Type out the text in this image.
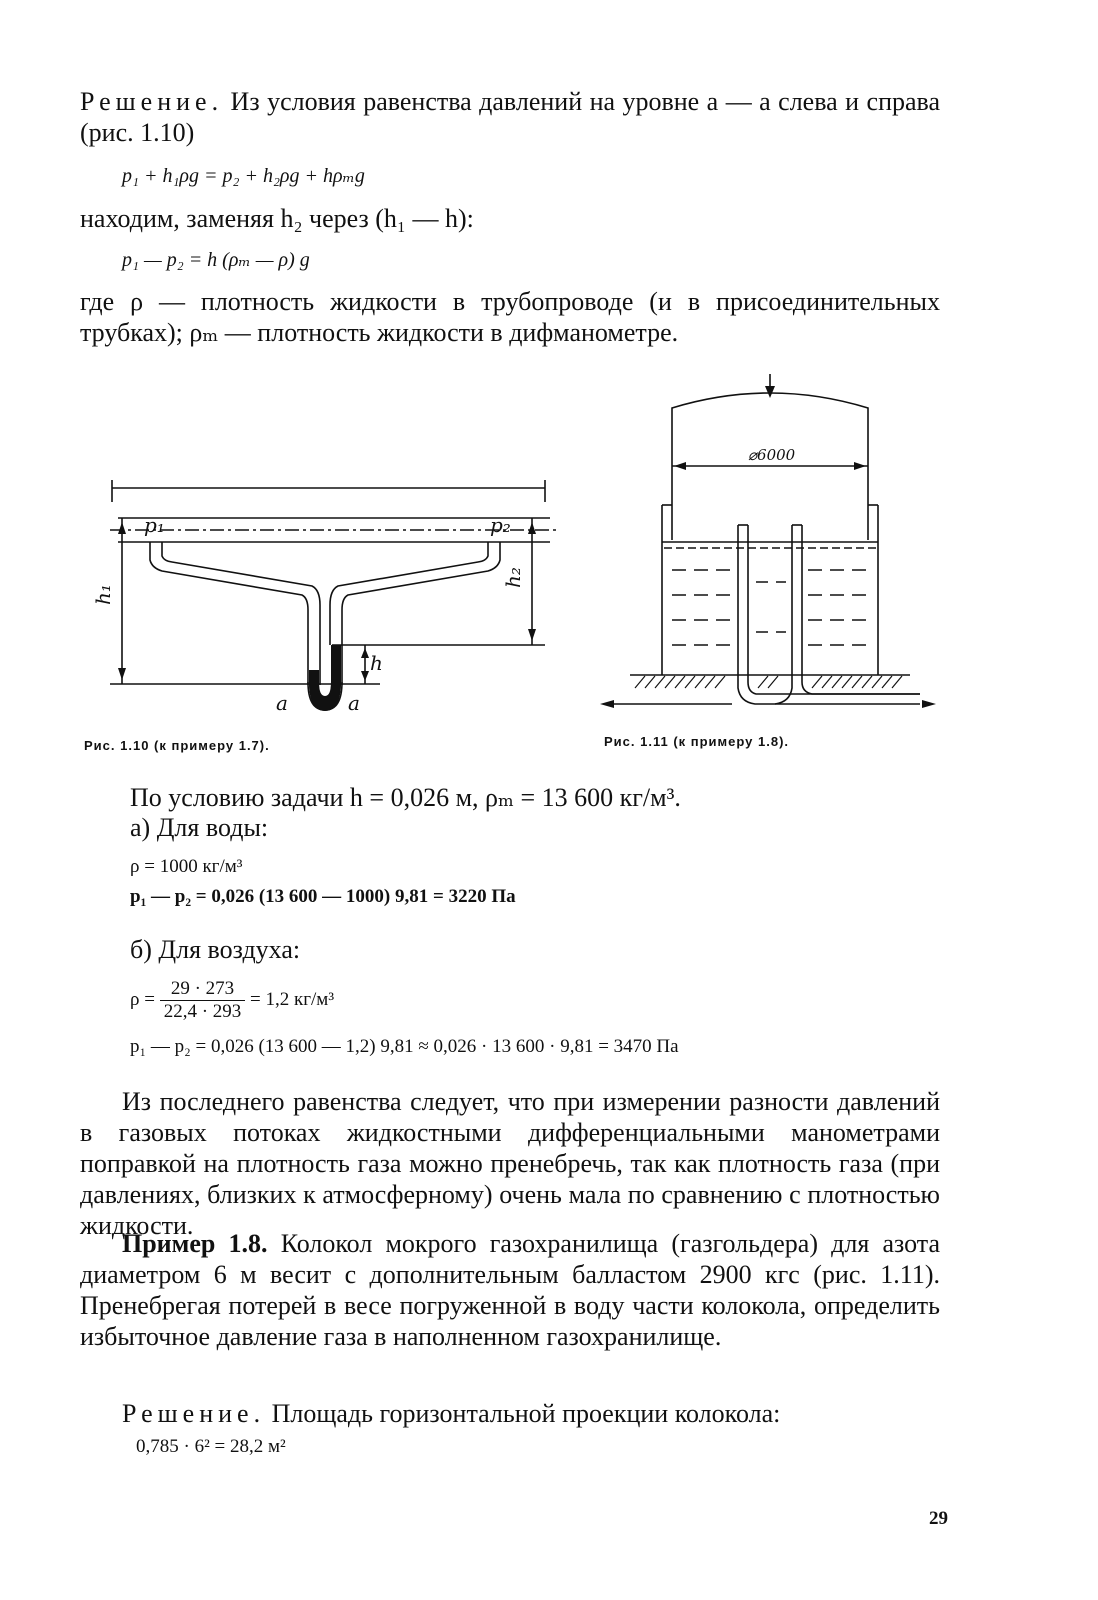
Решение. Из условия равенства давлений на уровне a — a слева и справа (рис. 1.10)
p₁ + h₁ρg = p₂ + h₂ρg + hρₘg
находим, заменяя h₂ через (h₁ — h):
p₁ — p₂ = h (ρₘ — ρ) g
где ρ — плотность жидкости в трубопроводе (и в присоединительных трубках); ρₘ — плотность жидкости в дифманометре.
p₁	p₂
h₁
h₂
h
a	a
Рис. 1.10 (к примеру 1.7).
⌀6000
Рис. 1.11 (к примеру 1.8).
По условию задачи h = 0,026 м, ρₘ = 13 600 кг/м³.
а) Для воды:
ρ = 1000 кг/м³
p₁ — p₂ = 0,026 (13 600 — 1000) 9,81 = 3220 Па
б) Для воздуха:
$\rho = \frac{29 \cdot 273}{22,4 \cdot 293} = 1,2$ кг/м³
p₁ — p₂ = 0,026 (13 600 — 1,2) 9,81 ≈ 0,026 · 13 600 · 9,81 = 3470 Па
Из последнего равенства следует, что при измерении разности давлений в газовых потоках жидкостными дифференциальными манометрами поправкой на плотность газа можно пренебречь, так как плотность газа (при давлениях, близких к атмосферному) очень мала по сравнению с плотностью жидкости.
Пример 1.8. Колокол мокрого газохранилища (газгольдера) для азота диаметром 6 м весит с дополнительным балластом 2900 кгс (рис. 1.11). Пренебрегая потерей в весе погруженной в воду части колокола, определить избыточное давление газа в наполненном газохранилище.
Решение. Площадь горизонтальной проекции колокола:
0,785 · 6² = 28,2 м²
29
